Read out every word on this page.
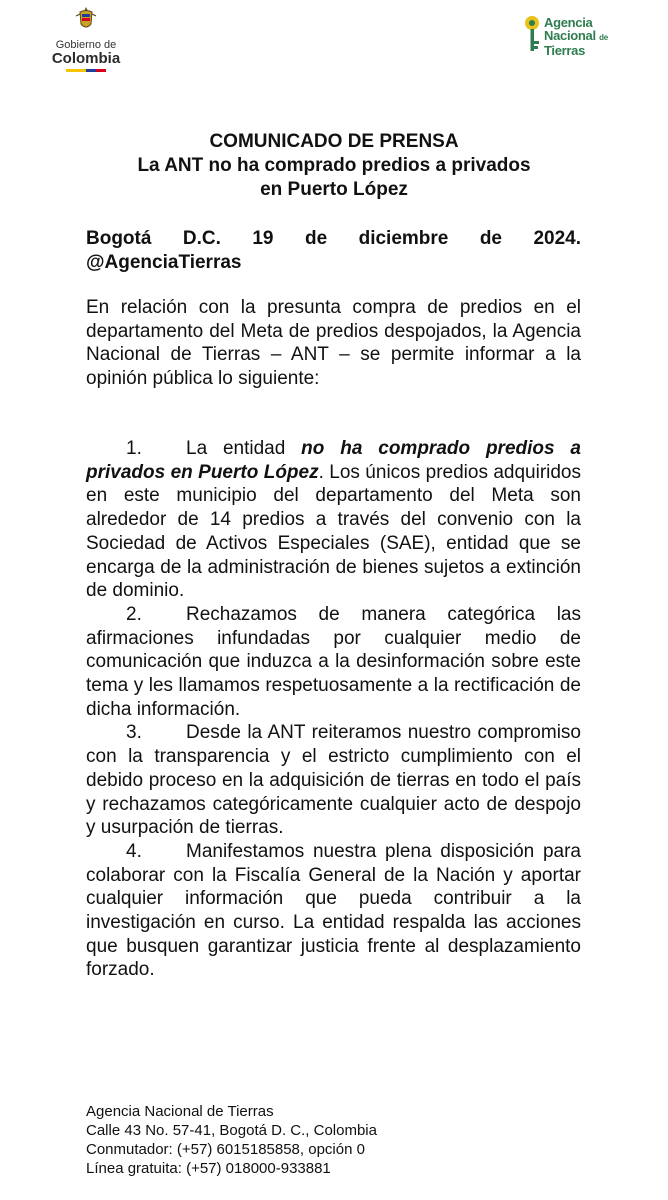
Gobierno de
Colombia
Agencia
Nacional de
Tierras
COMUNICADO DE PRENSA
La ANT no ha comprado predios a privados
en Puerto López
Bogotá D.C. 19 de diciembre de 2024.
@AgenciaTierras
En relación con la presunta compra de predios en el departamento del Meta de predios despojados, la Agencia Nacional de Tierras – ANT – se permite informar a la opinión pública lo siguiente:

1. La entidad no ha comprado predios a privados en Puerto López. Los únicos predios adquiridos en este municipio del departamento del Meta son alrededor de 14 predios a través del convenio con la Sociedad de Activos Especiales (SAE), entidad que se encarga de la administración de bienes sujetos a extinción de dominio.

2. Rechazamos de manera categórica las afirmaciones infundadas por cualquier medio de comunicación que induzca a la desinformación sobre este tema y les llamamos respetuosamente a la rectificación de dicha información.

3. Desde la ANT reiteramos nuestro compromiso con la transparencia y el estricto cumplimiento con el debido proceso en la adquisición de tierras en todo el país y rechazamos categóricamente cualquier acto de despojo y usurpación de tierras.

4. Manifestamos nuestra plena disposición para colaborar con la Fiscalía General de la Nación y aportar cualquier información que pueda contribuir a la investigación en curso. La entidad respalda las acciones que busquen garantizar justicia frente al desplazamiento forzado.

Agencia Nacional de Tierras
Calle 43 No. 57-41, Bogotá D. C., Colombia
Conmutador: (+57) 6015185858, opción 0
Línea gratuita: (+57) 018000-933881
